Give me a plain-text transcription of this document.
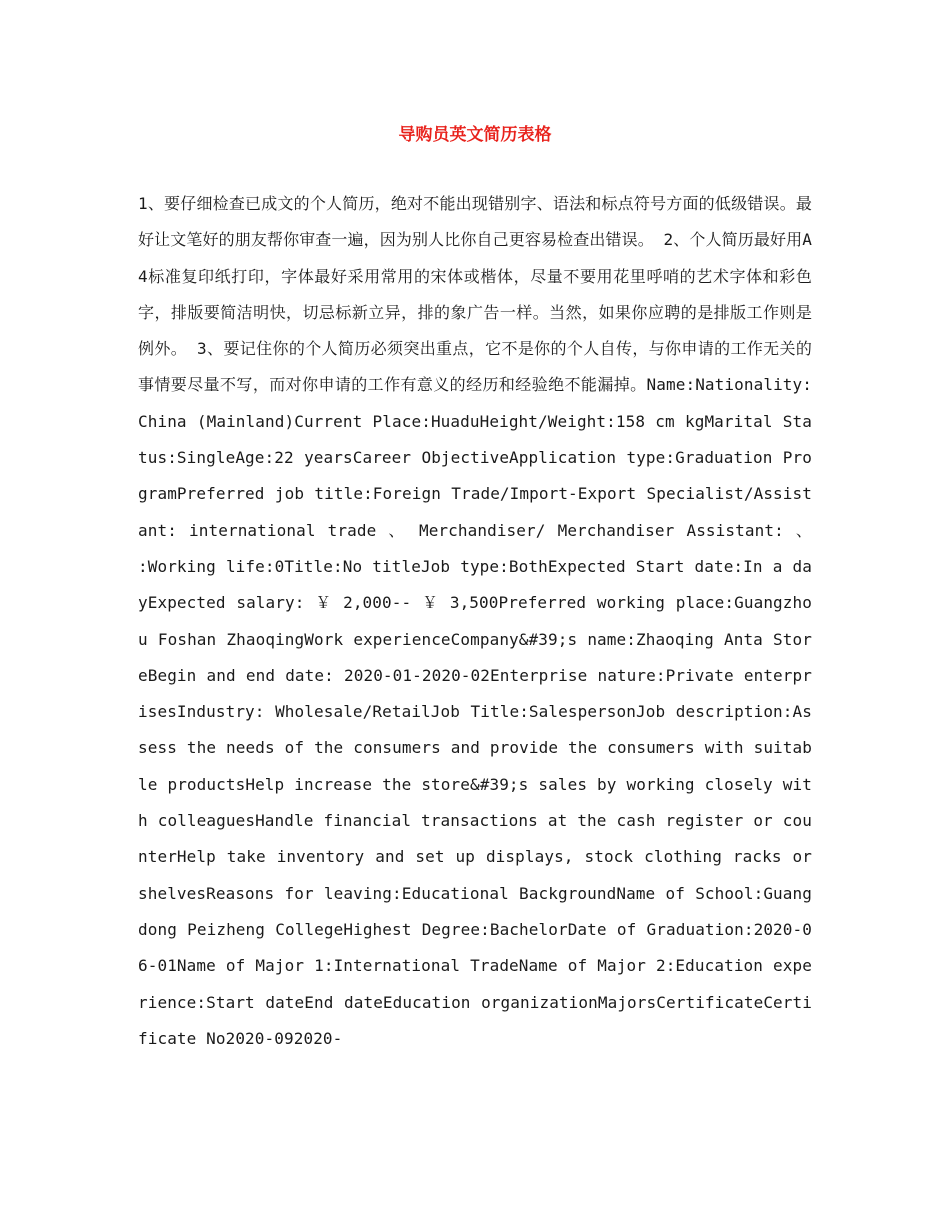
导购员英文简历表格

1、要仔细检查已成文的个人简历，绝对不能出现错别字、语法和标点符号方面的低级错误。最好让文笔好的朋友帮你审查一遍，因为别人比你自己更容易检查出错误。 2、个人简历最好用A4标准复印纸打印，字体最好采用常用的宋体或楷体，尽量不要用花里呼哨的艺术字体和彩色字，排版要简洁明快，切忌标新立异，排的象广告一样。当然，如果你应聘的是排版工作则是例外。 3、要记住你的个人简历必须突出重点，它不是你的个人自传，与你申请的工作无关的事情要尽量不写，而对你申请的工作有意义的经历和经验绝不能漏掉。Name:Nationality:China (Mainland)Current Place:HuaduHeight/Weight:158 cm kgMarital Status:SingleAge:22 yearsCareer ObjectiveApplication type:Graduation ProgramPreferred job title:Foreign Trade/Import-Export Specialist/Assistant: international trade 、 Merchandiser/ Merchandiser Assistant: 、 :Working life:0Title:No titleJob type:BothExpected Start date:In a dayExpected salary: ￥ 2,000-- ￥ 3,500Preferred working place:Guangzhou Foshan ZhaoqingWork experienceCompany&#39;s name:Zhaoqing Anta StoreBegin and end date: 2020-01-2020-02Enterprise nature:Private enterprisesIndustry: Wholesale/RetailJob Title:SalespersonJob description:Assess the needs of the consumers and provide the consumers with suitable productsHelp increase the store&#39;s sales by working closely with colleaguesHandle financial transactions at the cash register or counterHelp take inventory and set up displays, stock clothing racks or shelvesReasons for leaving:Educational BackgroundName of School:Guangdong Peizheng CollegeHighest Degree:BachelorDate of Graduation:2020-06-01Name of Major 1:International TradeName of Major 2:Education experience:Start dateEnd dateEducation organizationMajorsCertificateCertificate No2020-092020-
